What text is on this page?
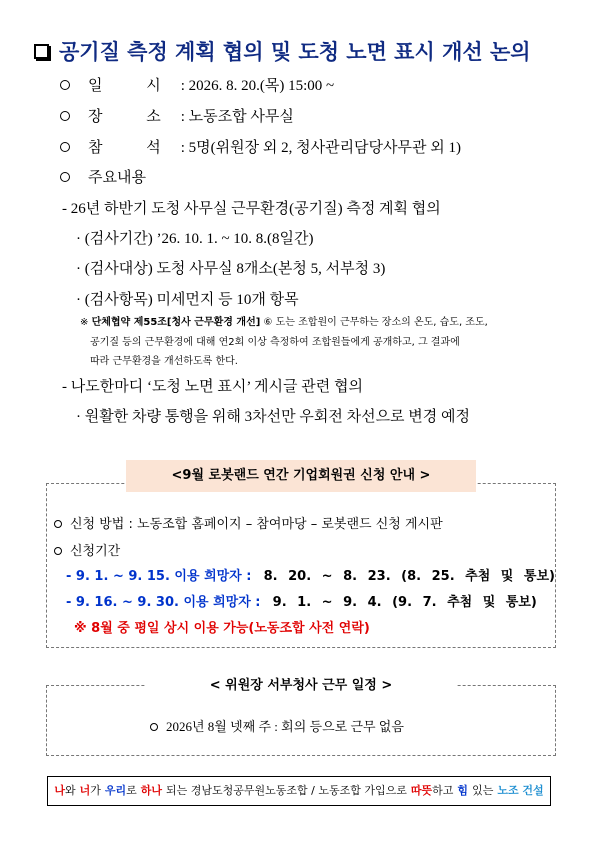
공기질 측정 계획 협의 및 도청 노면 표시 개선 논의
일 시: 2026. 8. 20.(목) 15:00 ~
장 소: 노동조합 사무실
참 석: 5명(위원장 외 2, 청사관리담당사무관 외 1)
주요내용
- 26년 하반기 도청 사무실 근무환경(공기질) 측정 계획 협의
· (검사기간) ’26. 10. 1. ~ 10. 8.(8일간)
· (검사대상) 도청 사무실 8개소(본청 5, 서부청 3)
· (검사항목) 미세먼지 등 10개 항목
※ 단체협약 제55조[청사 근무환경 개선] ⑥ 도는 조합원이 근무하는 장소의 온도, 습도, 조도,
공기질 등의 근무환경에 대해 연2회 이상 측정하여 조합원들에게 공개하고, 그 결과에
따라 근무환경을 개선하도록 한다.
- 나도한마디 ‘도청 노면 표시’ 게시글 관련 협의
· 원활한 차량 통행을 위해 3차선만 우회전 차선으로 변경 예정
<9월 로봇랜드 연간 기업회원권 신청 안내 >
신청 방법 : 노동조합 홈페이지 – 참여마당 – 로봇랜드 신청 게시판
신청기간
- 9. 1. ~ 9. 15. 이용 희망자 : 8. 20. ~ 8. 23. (8. 25. 추첨 및 통보)
- 9. 16. ~ 9. 30. 이용 희망자 : 9. 1. ~ 9. 4. (9. 7. 추첨 및 통보)
※ 8월 중 평일 상시 이용 가능(노동조합 사전 연락)
< 위원장 서부청사 근무 일정 >
2026년 8월 넷째 주 : 회의 등으로 근무 없음
나와 너가 우리로 하나 되는 경남도청공무원노동조합 / 노동조합 가입으로 따뜻하고 힘 있는 노조 건설
